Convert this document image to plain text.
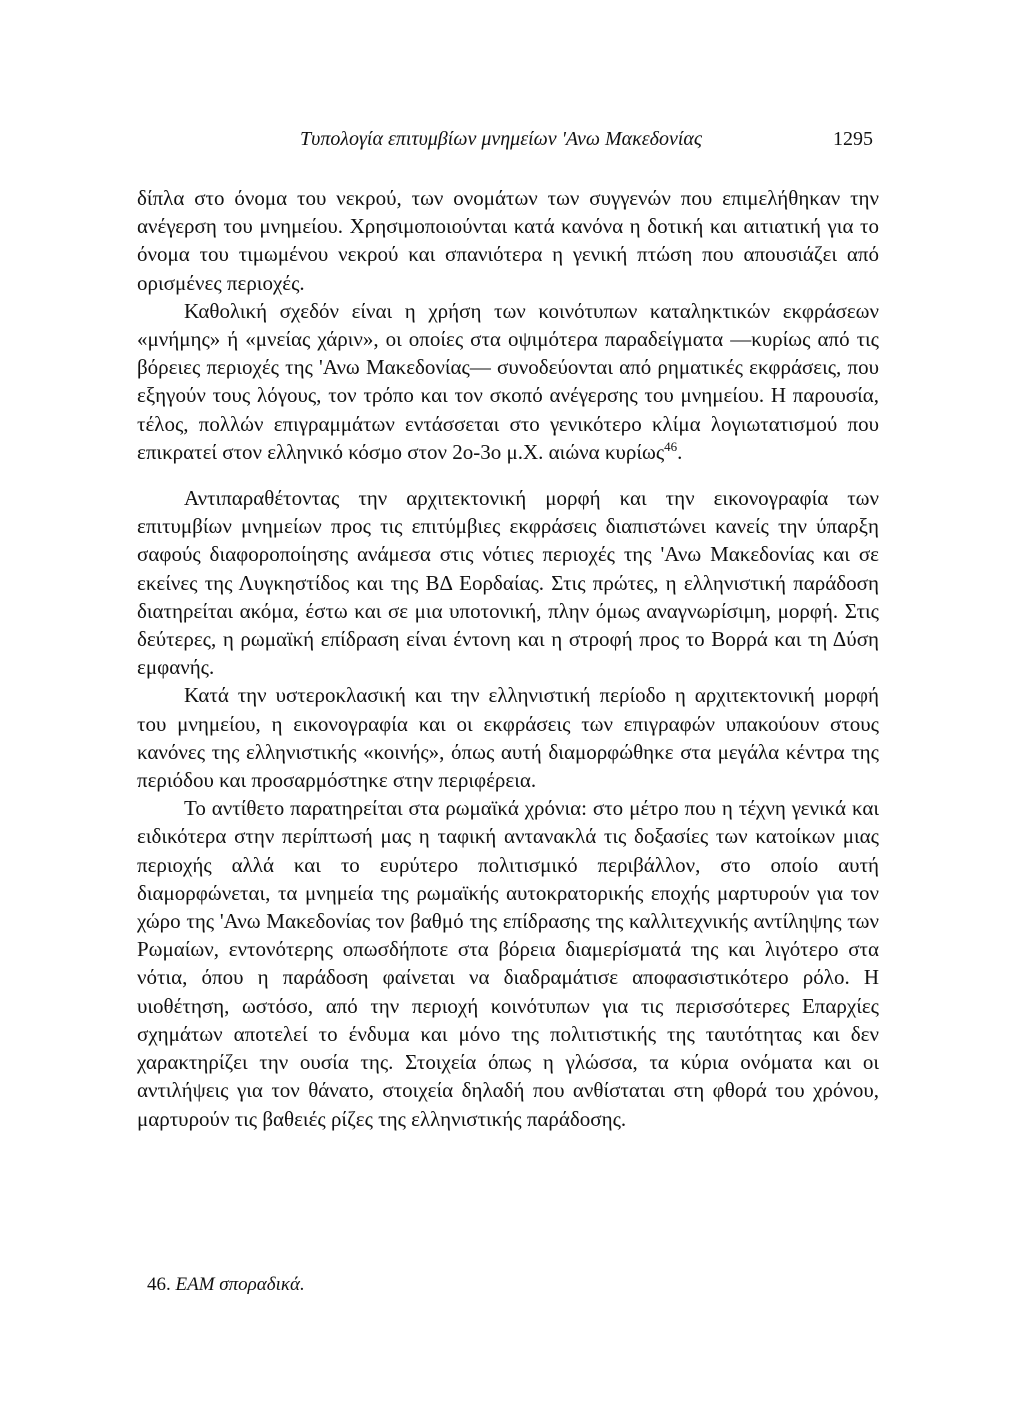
Τυπολογία επιτυμβίων μνημείων 'Ανω Μακεδονίας	1295

δίπλα στο όνομα του νεκρού, των ονομάτων των συγγενών που επιμελήθηκαν την ανέγερση του μνημείου. Χρησιμοποιούνται κατά κανόνα η δοτική και αιτιατική για το όνομα του τιμωμένου νεκρού και σπανιότερα η γενική πτώση που απουσιάζει από ορισμένες περιοχές.

Καθολική σχεδόν είναι η χρήση των κοινότυπων καταληκτικών εκφράσεων «μνήμης» ή «μνείας χάριν», οι οποίες στα οψιμότερα παραδείγματα —κυρίως από τις βόρειες περιοχές της 'Ανω Μακεδονίας— συνοδεύονται από ρηματικές εκφράσεις, που εξηγούν τους λόγους, τον τρόπο και τον σκοπό ανέγερσης του μνημείου. Η παρουσία, τέλος, πολλών επιγραμμάτων εντάσσεται στο γενικότερο κλίμα λογιωτατισμού που επικρατεί στον ελληνικό κόσμο στον 2ο-3ο μ.Χ. αιώνα κυρίως$^{46}$.

Αντιπαραθέτοντας την αρχιτεκτονική μορφή και την εικονογραφία των επιτυμβίων μνημείων προς τις επιτύμβιες εκφράσεις διαπιστώνει κανείς την ύπαρξη σαφούς διαφοροποίησης ανάμεσα στις νότιες περιοχές της 'Ανω Μακεδονίας και σε εκείνες της Λυγκηστίδος και της ΒΔ Εορδαίας. Στις πρώτες, η ελληνιστική παράδοση διατηρείται ακόμα, έστω και σε μια υποτονική, πλην όμως αναγνωρίσιμη, μορφή. Στις δεύτερες, η ρωμαϊκή επίδραση είναι έντονη και η στροφή προς το Βορρά και τη Δύση εμφανής.

Κατά την υστεροκλασική και την ελληνιστική περίοδο η αρχιτεκτονική μορφή του μνημείου, η εικονογραφία και οι εκφράσεις των επιγραφών υπακούουν στους κανόνες της ελληνιστικής «κοινής», όπως αυτή διαμορφώθηκε στα μεγάλα κέντρα της περιόδου και προσαρμόστηκε στην περιφέρεια.

Το αντίθετο παρατηρείται στα ρωμαϊκά χρόνια: στο μέτρο που η τέχνη γενικά και ειδικότερα στην περίπτωσή μας η ταφική αντανακλά τις δοξασίες των κατοίκων μιας περιοχής αλλά και το ευρύτερο πολιτισμικό περιβάλλον, στο οποίο αυτή διαμορφώνεται, τα μνημεία της ρωμαϊκής αυτοκρατορικής εποχής μαρτυρούν για τον χώρο της 'Ανω Μακεδονίας τον βαθμό της επίδρασης της καλλιτεχνικής αντίληψης των Ρωμαίων, εντονότερης οπωσδήποτε στα βόρεια διαμερίσματά της και λιγότερο στα νότια, όπου η παράδοση φαίνεται να διαδραμάτισε αποφασιστικότερο ρόλο. Η υιοθέτηση, ωστόσο, από την περιοχή κοινότυπων για τις περισσότερες Επαρχίες σχημάτων αποτελεί το ένδυμα και μόνο της πολιτιστικής της ταυτότητας και δεν χαρακτηρίζει την ουσία της. Στοιχεία όπως η γλώσσα, τα κύρια ονόματα και οι αντιλήψεις για τον θάνατο, στοιχεία δηλαδή που ανθίσταται στη φθορά του χρόνου, μαρτυρούν τις βαθειές ρίζες της ελληνιστικής παράδοσης.

46. ΕΑΜ σποραδικά.
